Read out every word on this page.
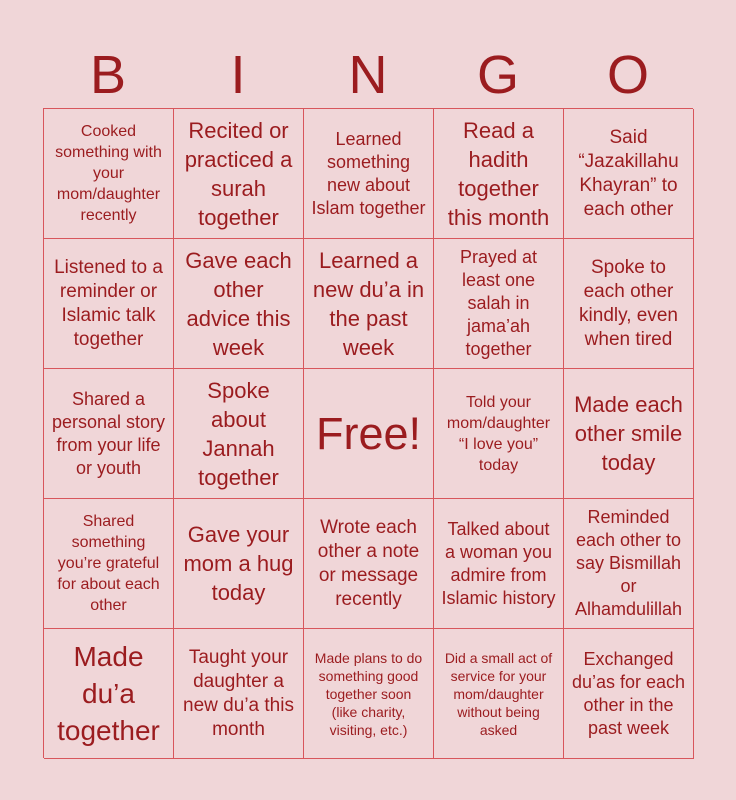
B	I	N	G	O
Cooked something with your mom/daughter recently
Recited or practiced a surah together
Learned something new about Islam together
Read a hadith together this month
Said “Jazakillahu Khayran” to each other
Listened to a reminder or Islamic talk together
Gave each other advice this week
Learned a new du’a in the past week
Prayed at least one salah in jama’ah together
Spoke to each other kindly, even when tired
Shared a personal story from your life or youth
Spoke about Jannah together
Free!
Told your mom/daughter “I love you” today
Made each other smile today
Shared something you’re grateful for about each other
Gave your mom a hug today
Wrote each other a note or message recently
Talked about a woman you admire from Islamic history
Reminded each other to say Bismillah or Alhamdulillah
Made du’a together
Taught your daughter a new du’a this month
Made plans to do something good together soon (like charity, visiting, etc.)
Did a small act of service for your mom/daughter without being asked
Exchanged du’as for each other in the past week
